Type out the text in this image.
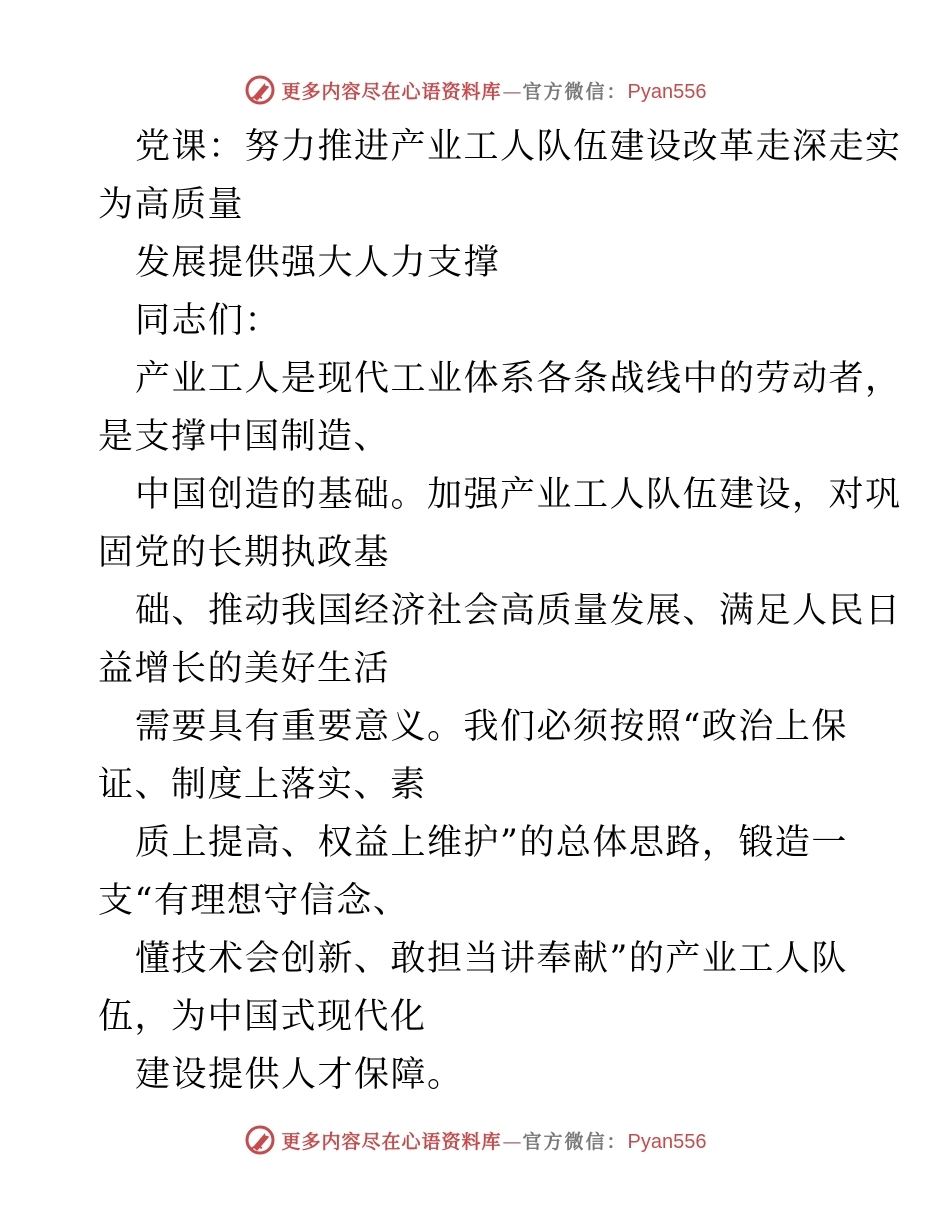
更多内容尽在心语资料库 — 官方微信： Pyan556
党课：努力推进产业工人队伍建设改革走深走实
为高质量
发展提供强大人力支撑
同志们：
产业工人是现代工业体系各条战线中的劳动者，
是支撑中国制造、
中国创造的基础。加强产业工人队伍建设，对巩
固党的长期执政基
础、推动我国经济社会高质量发展、满足人民日
益增长的美好生活
需要具有重要意义。我们必须按照“政治上保
证、制度上落实、素
质上提高、权益上维护”的总体思路，锻造一
支“有理想守信念、
懂技术会创新、敢担当讲奉献”的产业工人队
伍，为中国式现代化
建设提供人才保障。
更多内容尽在心语资料库 — 官方微信： Pyan556
